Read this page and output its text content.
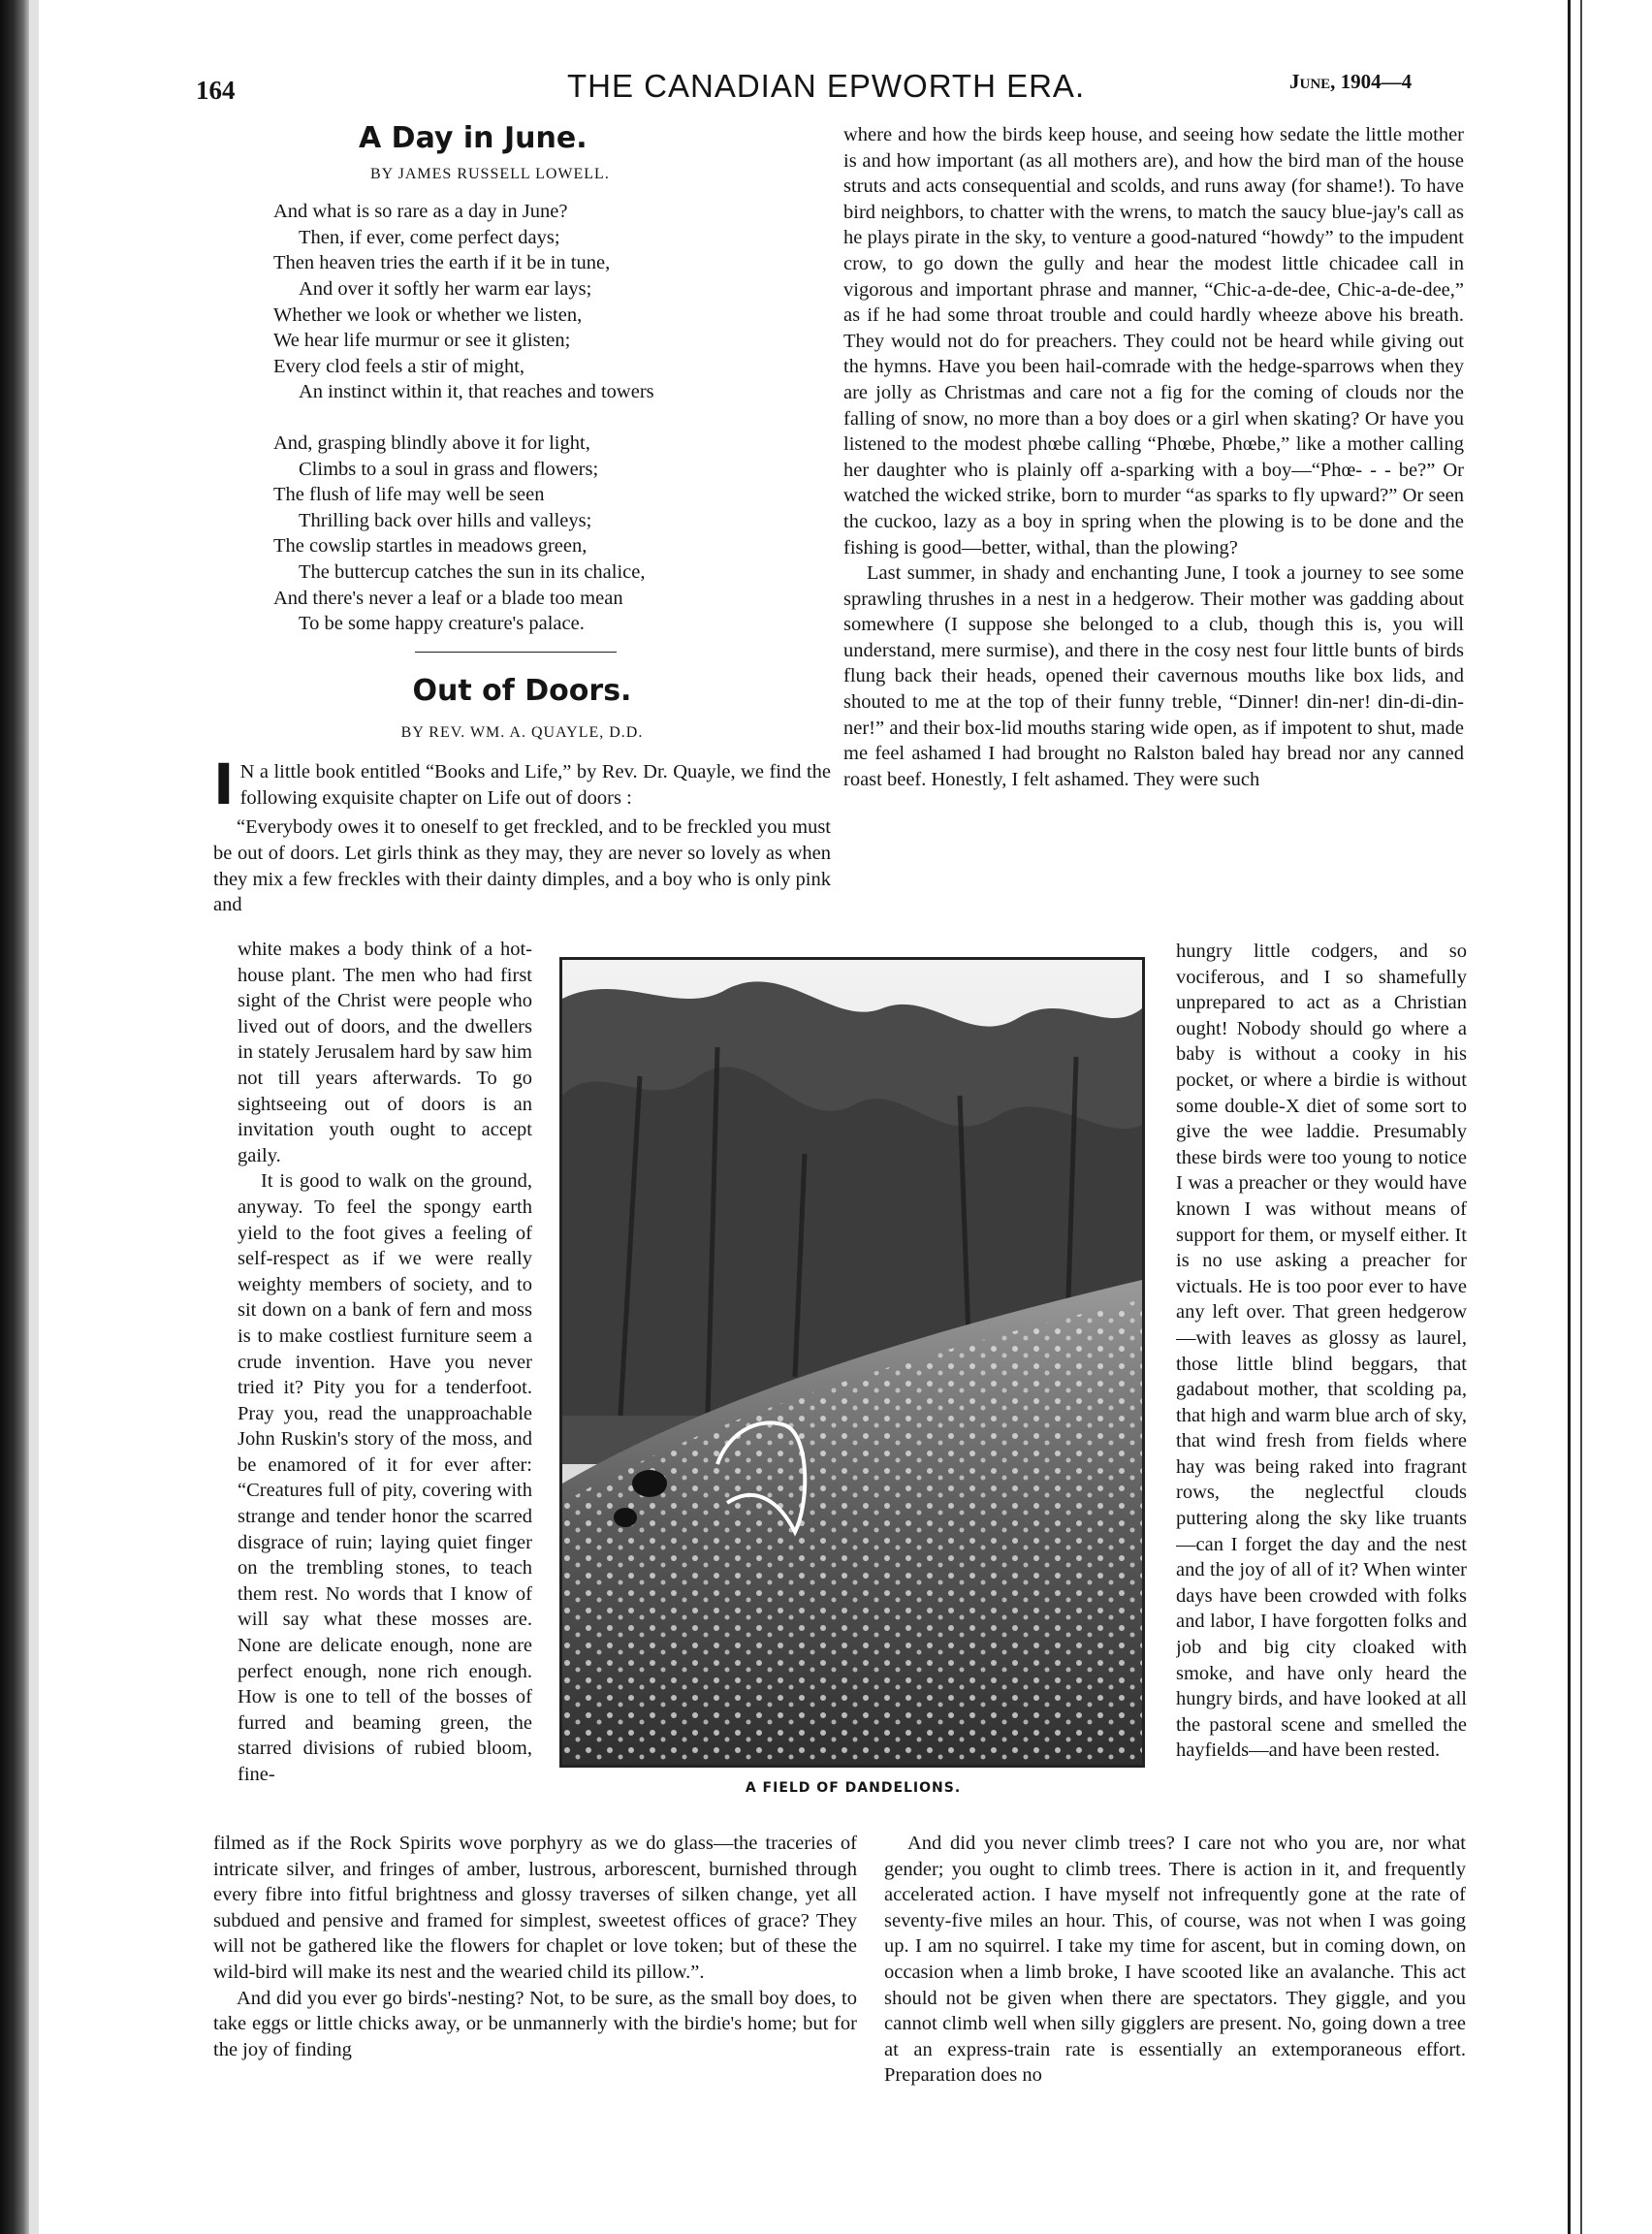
164	THE CANADIAN EPWORTH ERA.	June, 1904—4
A Day in June.
BY JAMES RUSSELL LOWELL.
And what is so rare as a day in June?
Then, if ever, come perfect days;
Then heaven tries the earth if it be in tune,
And over it softly her warm ear lays;
Whether we look or whether we listen,
We hear life murmur or see it glisten;
Every clod feels a stir of might,
An instinct within it, that reaches and towers
And, grasping blindly above it for light,
Climbs to a soul in grass and flowers;
The flush of life may well be seen
Thrilling back over hills and valleys;
The cowslip startles in meadows green,
The buttercup catches the sun in its chalice,
And there's never a leaf or a blade too mean
To be some happy creature's palace.
Out of Doors.
BY REV. WM. A. QUAYLE, D.D.

I N a little book entitled “Books and Life,” by Rev. Dr. Quayle, we find the following exquisite chapter on Life out of doors :

“Everybody owes it to oneself to get freckled, and to be freckled you must be out of doors. Let girls think as they may, they are never so lovely as when they mix a few freckles with their dainty dimples, and a boy who is only pink and

white makes a body think of a hot-house plant. The men who had first sight of the Christ were people who lived out of doors, and the dwellers in stately Jerusalem hard by saw him not till years afterwards. To go sightseeing out of doors is an invitation youth ought to accept gaily.

It is good to walk on the ground, anyway. To feel the spongy earth yield to the foot gives a feeling of self-respect as if we were really weighty members of society, and to sit down on a bank of fern and moss is to make costliest furniture seem a crude invention. Have you never tried it? Pity you for a tenderfoot. Pray you, read the unapproachable John Ruskin's story of the moss, and be enamored of it for ever after: “Creatures full of pity, covering with strange and tender honor the scarred disgrace of ruin; laying quiet finger on the trembling stones, to teach them rest. No words that I know of will say what these mosses are. None are delicate enough, none are perfect enough, none rich enough. How is one to tell of the bosses of furred and beaming green, the starred divisions of rubied bloom, fine-

filmed as if the Rock Spirits wove porphyry as we do glass—the traceries of intricate silver, and fringes of amber, lustrous, arborescent, burnished through every fibre into fitful brightness and glossy traverses of silken change, yet all subdued and pensive and framed for simplest, sweetest offices of grace? They will not be gathered like the flowers for chaplet or love token; but of these the wild-bird will make its nest and the wearied child its pillow.”.

And did you ever go birds'-nesting? Not, to be sure, as the small boy does, to take eggs or little chicks away, or be unmannerly with the birdie's home; but for the joy of finding

where and how the birds keep house, and seeing how sedate the little mother is and how important (as all mothers are), and how the bird man of the house struts and acts consequential and scolds, and runs away (for shame!). To have bird neighbors, to chatter with the wrens, to match the saucy blue-jay's call as he plays pirate in the sky, to venture a good-natured “howdy” to the impudent crow, to go down the gully and hear the modest little chicadee call in vigorous and important phrase and manner, “Chic-a-de-dee, Chic-a-de-dee,” as if he had some throat trouble and could hardly wheeze above his breath. They would not do for preachers. They could not be heard while giving out the hymns. Have you been hail-comrade with the hedge-sparrows when they are jolly as Christmas and care not a fig for the coming of clouds nor the falling of snow, no more than a boy does or a girl when skating? Or have you listened to the modest phœbe calling “Phœbe, Phœbe,” like a mother calling her daughter who is plainly off a-sparking with a boy—“Phœ- - - be?” Or watched the wicked strike, born to murder “as sparks to fly upward?” Or seen the cuckoo, lazy as a boy in spring when the plowing is to be done and the fishing is good—better, withal, than the plowing?

Last summer, in shady and enchanting June, I took a journey to see some sprawling thrushes in a nest in a hedgerow. Their mother was gadding about somewhere (I suppose she belonged to a club, though this is, you will understand, mere surmise), and there in the cosy nest four little bunts of birds flung back their heads, opened their cavernous mouths like box lids, and shouted to me at the top of their funny treble, “Dinner! din-ner! din-di-din-ner!” and their box-lid mouths staring wide open, as if impotent to shut, made me feel ashamed I had brought no Ralston baled hay bread nor any canned roast beef. Honestly, I felt ashamed. They were such

hungry little codgers, and so vociferous, and I so shamefully unprepared to act as a Christian ought! Nobody should go where a baby is without a cooky in his pocket, or where a birdie is without some double-X diet of some sort to give the wee laddie. Presumably these birds were too young to notice I was a preacher or they would have known I was without means of support for them, or myself either. It is no use asking a preacher for victuals. He is too poor ever to have any left over. That green hedgerow—with leaves as glossy as laurel, those little blind beggars, that gadabout mother, that scolding pa, that high and warm blue arch of sky, that wind fresh from fields where hay was being raked into fragrant rows, the neglectful clouds puttering along the sky like truants—can I forget the day and the nest and the joy of all of it? When winter days have been crowded with folks and labor, I have forgotten folks and job and big city cloaked with smoke, and have only heard the hungry birds, and have looked at all the pastoral scene and smelled the hayfields—and have been rested.

And did you never climb trees? I care not who you are, nor what gender; you ought to climb trees. There is action in it, and frequently accelerated action. I have myself not infrequently gone at the rate of seventy-five miles an hour. This, of course, was not when I was going up. I am no squirrel. I take my time for ascent, but in coming down, on occasion when a limb broke, I have scooted like an avalanche. This act should not be given when there are spectators. They giggle, and you cannot climb well when silly gigglers are present. No, going down a tree at an express-train rate is essentially an extemporaneous effort. Preparation does no

A FIELD OF DANDELIONS.
